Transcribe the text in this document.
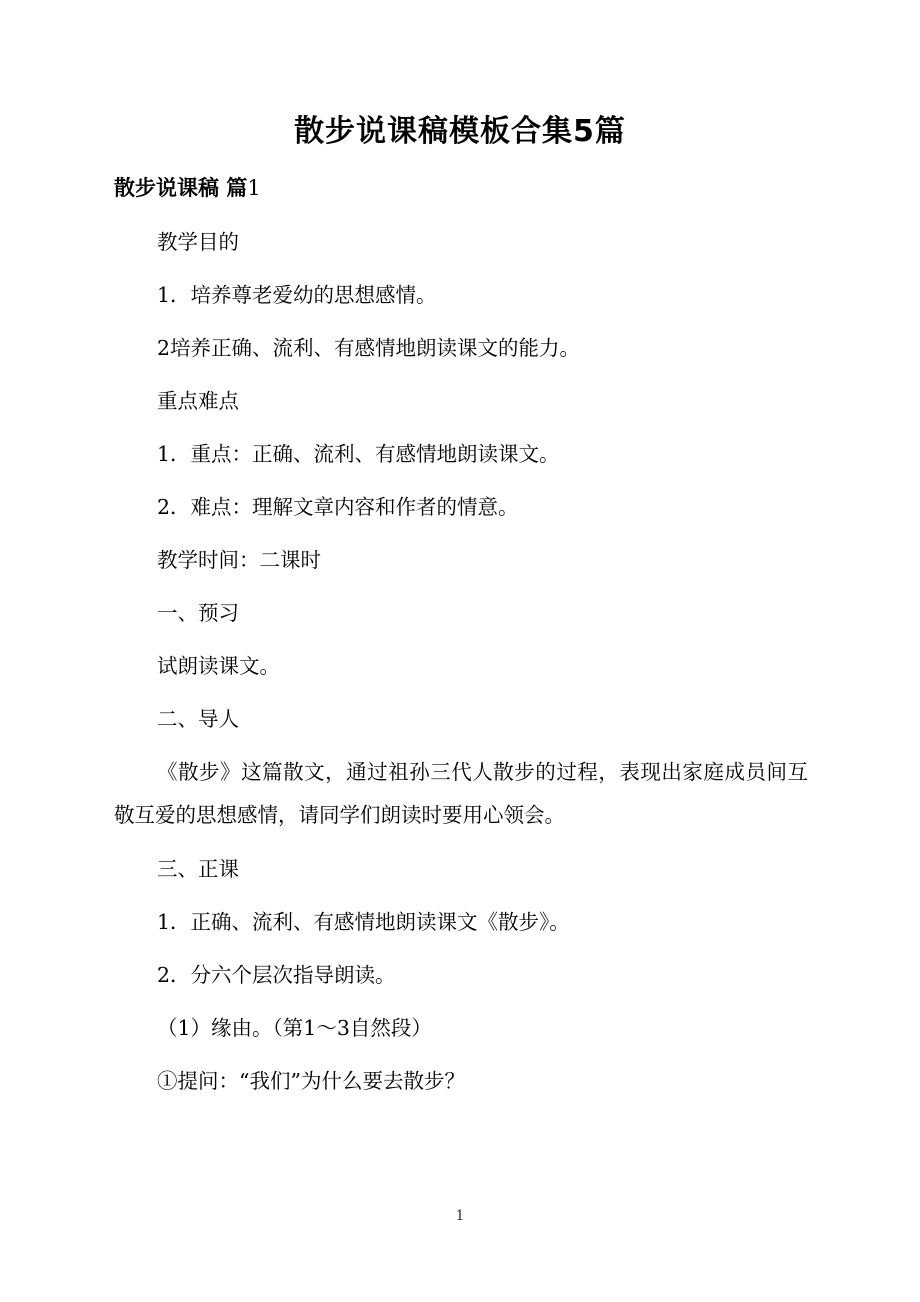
散步说课稿模板合集5篇
散步说课稿 篇1

教学目的

1．培养尊老爱幼的思想感情。

2培养正确、流利、有感情地朗读课文的能力。

重点难点

1．重点：正确、流利、有感情地朗读课文。

2．难点：理解文章内容和作者的情意。

教学时间：二课时

一、预习

试朗读课文。

二、导人

《散步》这篇散文，通过祖孙三代人散步的过程，表现出家庭成员间互敬互爱的思想感情，请同学们朗读时要用心领会。

三、正课

1．正确、流利、有感情地朗读课文《散步》。

2．分六个层次指导朗读。

（1）缘由。（第1～3自然段）

①提问：“我们”为什么要去散步？

1
